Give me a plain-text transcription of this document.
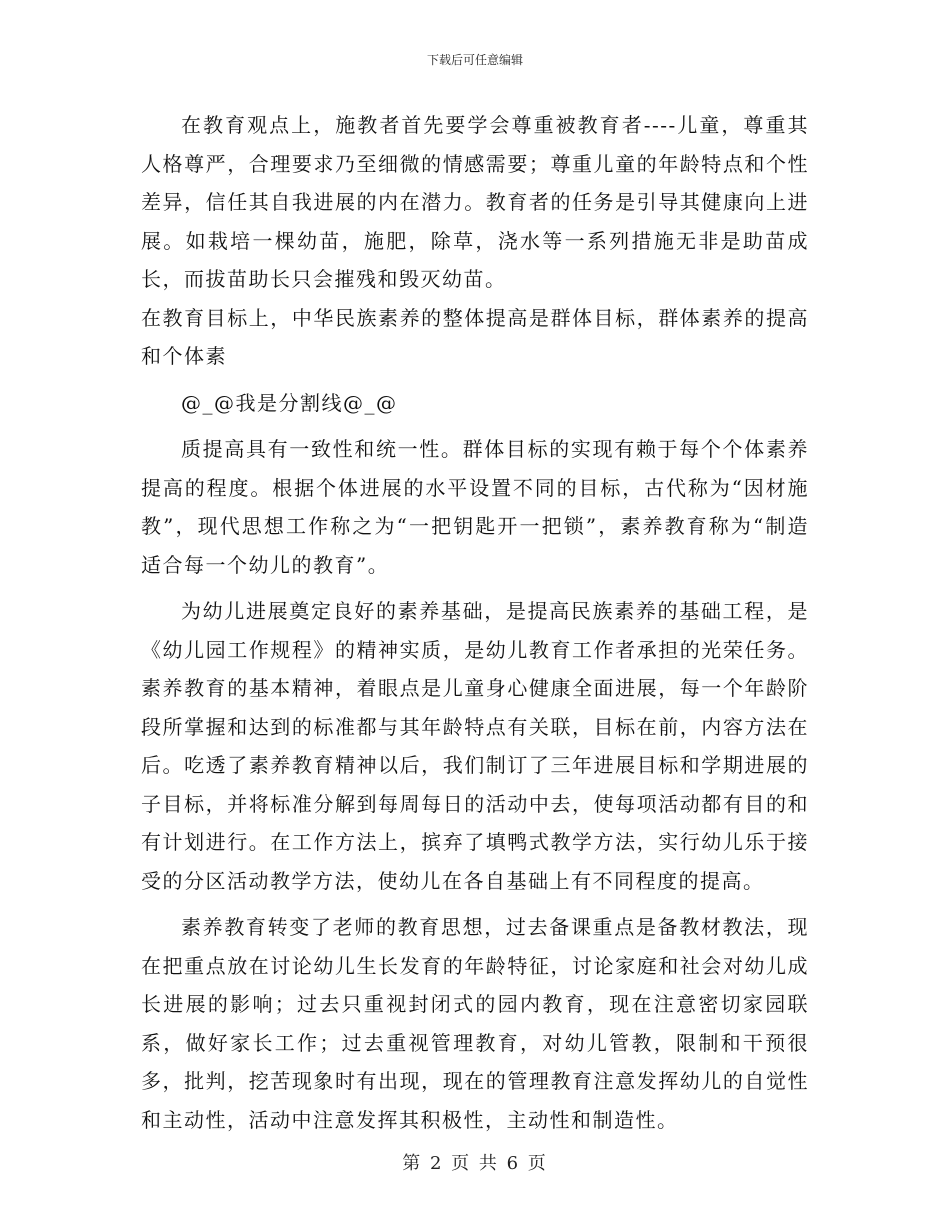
下载后可任意编辑

在教育观点上，施教者首先要学会尊重被教育者----儿童，尊重其人格尊严，合理要求乃至细微的情感需要；尊重儿童的年龄特点和个性差异，信任其自我进展的内在潜力。教育者的任务是引导其健康向上进展。如栽培一棵幼苗，施肥，除草，浇水等一系列措施无非是助苗成长，而拔苗助长只会摧残和毁灭幼苗。

在教育目标上，中华民族素养的整体提高是群体目标，群体素养的提高和个体素

@_@我是分割线@_@

质提高具有一致性和统一性。群体目标的实现有赖于每个个体素养提高的程度。根据个体进展的水平设置不同的目标，古代称为“因材施教”，现代思想工作称之为“一把钥匙开一把锁”，素养教育称为“制造适合每一个幼儿的教育”。

为幼儿进展奠定良好的素养基础，是提高民族素养的基础工程，是《幼儿园工作规程》的精神实质，是幼儿教育工作者承担的光荣任务。素养教育的基本精神，着眼点是儿童身心健康全面进展，每一个年龄阶段所掌握和达到的标准都与其年龄特点有关联，目标在前，内容方法在后。吃透了素养教育精神以后，我们制订了三年进展目标和学期进展的子目标，并将标准分解到每周每日的活动中去，使每项活动都有目的和有计划进行。在工作方法上，摈弃了填鸭式教学方法，实行幼儿乐于接受的分区活动教学方法，使幼儿在各自基础上有不同程度的提高。

素养教育转变了老师的教育思想，过去备课重点是备教材教法，现在把重点放在讨论幼儿生长发育的年龄特征，讨论家庭和社会对幼儿成长进展的影响；过去只重视封闭式的园内教育，现在注意密切家园联系，做好家长工作；过去重视管理教育，对幼儿管教，限制和干预很多，批判，挖苦现象时有出现，现在的管理教育注意发挥幼儿的自觉性和主动性，活动中注意发挥其积极性，主动性和制造性。

第 2 页 共 6 页
